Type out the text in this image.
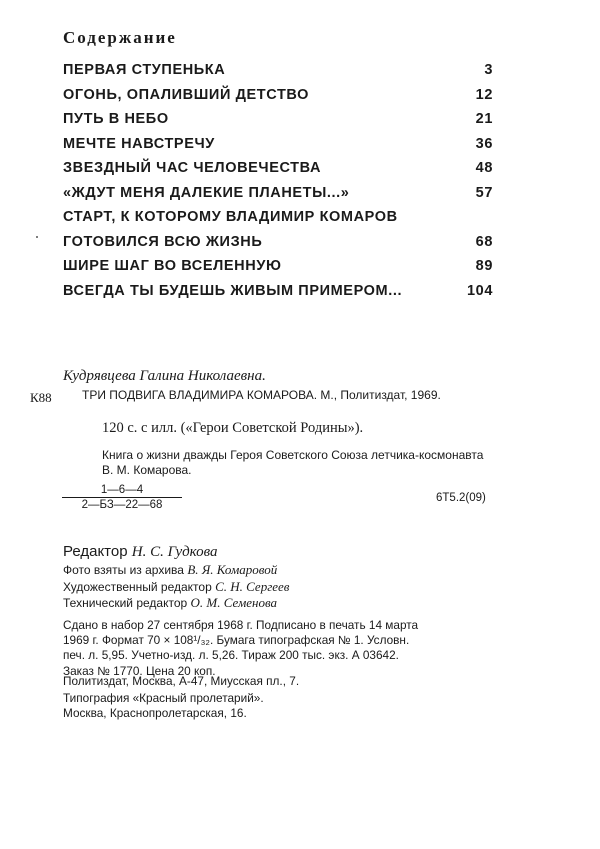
Содержание
ПЕРВАЯ СТУПЕНЬКА	3
ОГОНЬ, ОПАЛИВШИЙ ДЕТСТВО	12
ПУТЬ В НЕБО	21
МЕЧТЕ НАВСТРЕЧУ	36
ЗВЕЗДНЫЙ ЧАС ЧЕЛОВЕЧЕСТВА	48
«ЖДУТ МЕНЯ ДАЛЕКИЕ ПЛАНЕТЫ...»	57
СТАРТ, К КОТОРОМУ ВЛАДИМИР КОМАРОВ
ГОТОВИЛСЯ ВСЮ ЖИЗНЬ	68
ШИРЕ ШАГ ВО ВСЕЛЕННУЮ	89
ВСЕГДА ТЫ БУДЕШЬ ЖИВЫМ ПРИМЕРОМ...	104
Кудрявцева Галина Николаевна.
К88	ТРИ ПОДВИГА ВЛАДИМИРА КОМАРОВА. М., Политиздат, 1969.
120 с. с илл. («Герои Советской Родины»).
Книга о жизни дважды Героя Советского Союза летчика-космонавта В. М. Комарова.
1—6—4
2—БЗ—22—68
6Т5.2(09)
Редактор Н. С. Гудкова
Фото взяты из архива В. Я. Комаровой
Художественный редактор С. Н. Сергеев
Технический редактор О. М. Семенова
Сдано в набор 27 сентября 1968 г. Подписано в печать 14 марта
1969 г. Формат 70 × 108¹/₃₂. Бумага типографская № 1. Условн.
печ. л. 5,95. Учетно-изд. л. 5,26. Тираж 200 тыс. экз. А 03642.
Заказ № 1770. Цена 20 коп.
Политиздат, Москва, А-47, Миусская пл., 7.
Типография «Красный пролетарий».
Москва, Краснопролетарская, 16.
